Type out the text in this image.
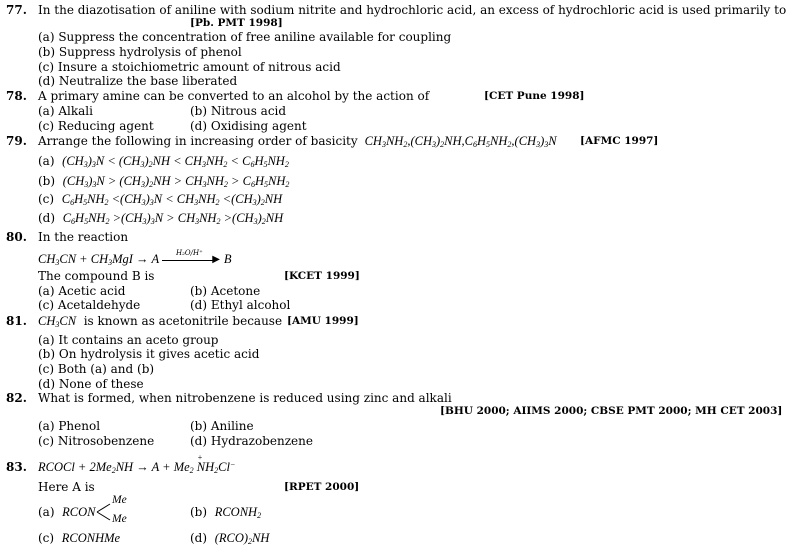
77. In the diazotisation of aniline with sodium nitrite and hydrochloric acid, an excess of hydrochloric acid is used primarily to
[Pb. PMT 1998]
(a) Suppress the concentration of free aniline available for coupling
(b) Suppress hydrolysis of phenol
(c) Insure a stoichiometric amount of nitrous acid
(d) Neutralize the base liberated
78. A primary amine can be converted to an alcohol by the action of	[CET Pune 1998]
(a) Alkali	(b) Nitrous acid
(c) Reducing agent	(d) Oxidising agent
79. Arrange the following in increasing order of basicity  $CH_3NH_2,(CH_3)_2NH,C_6H_5NH_2,(CH_3)_3N$ [AFMC 1997]
(a) $(CH_3)_3N < (CH_3)_2NH < CH_3NH_2 < C_6H_5NH_2$
(b) $(CH_3)_3N > (CH_3)_2NH > CH_3NH_2 > C_6H_5NH_2$
(c) $C_6H_5NH_2 <(CH_3)_3N < CH_3NH_2 <(CH_3)_2NH$
(d) $C_6H_5NH_2 >(CH_3)_3N > CH_3NH_2 >(CH_3)_2NH$
80. In the reaction
$CH_3CN + CH_3MgI \to A$ H₂O/H⁺
▶ B
The compound B is	[KCET 1999]
(a) Acetic acid	(b) Acetone
(c) Acetaldehyde	(d) Ethyl alcohol
81. $CH_3CN$ is known as acetonitrile because [AMU 1999]
(a) It contains an aceto group
(b) On hydrolysis it gives acetic acid
(c) Both (a) and (b)
(d) None of these
82. What is formed, when nitrobenzene is reduced using zinc and alkali
[BHU 2000; AIIMS 2000; CBSE PMT 2000; MH CET 2003]
(a) Phenol	(b) Aniline
(c) Nitrosobenzene	(d) Hydrazobenzene
83. RCOCl + $2Me_2NH \to A + Me_2$ NH
+
$_2$Cl−
Here A is	[RPET 2000]
(a) RCON
Me
Me	(b) $RCONH_2$
(c) RCONHMe	(d) $(RCO)_2NH$
